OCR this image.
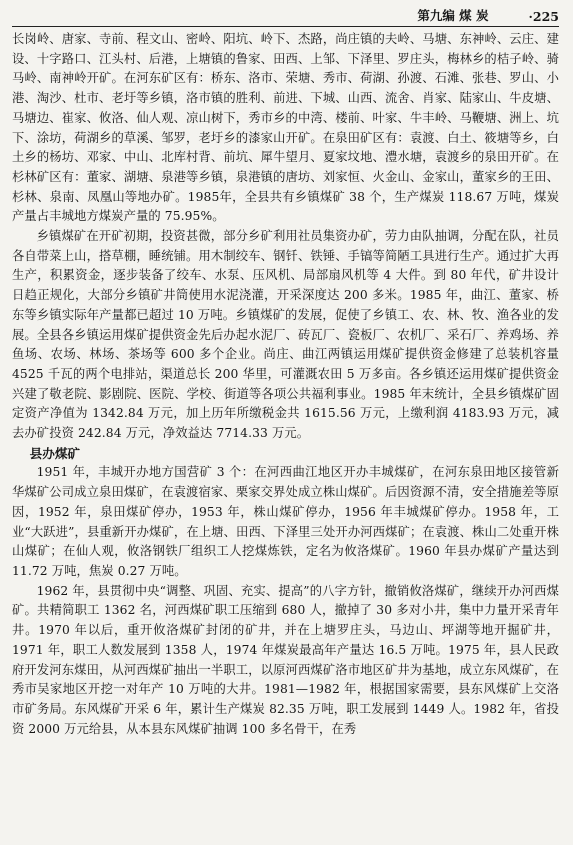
第九编 煤 炭	·225

长岗岭、唐家、寺前、程文山、密岭、阳坑、岭下、杰路，尚庄镇的夫岭、马塘、东神岭、云庄、建设、十字路口、江头村、后港，上塘镇的鲁家、田西、上邹、下泽里、罗庄头，梅林乡的桔子岭、骑马岭、南神岭开矿。在河东矿区有：桥东、洛市、荣塘、秀市、荷湖、孙渡、石滩、张巷、罗山、小港、淘沙、杜市、老圩等乡镇，洛市镇的胜利、前进、下城、山西、流舍、肖家、陆家山、牛皮塘、马塘边、崔家、攸洛、仙人观、凉山树下，秀市乡的中湾、楼前、叶家、牛丰岭、马鞭塘、洲上、坑下、涂坊，荷湖乡的草溪、邹罗，老圩乡的漆家山开矿。在泉田矿区有：袁渡、白土、筱塘等乡，白土乡的杨坊、邓家、中山、北库村背、前坑、犀牛望月、夏家坟地、澧水塘，袁渡乡的泉田开矿。在杉林矿区有：董家、湖塘、泉港等乡镇，泉港镇的唐坊、刘家恒、火金山、金家山，董家乡的王田、杉林、泉南、凤凰山等地办矿。1985年，全县共有乡镇煤矿 38 个，生产煤炭 118.67 万吨，煤炭产量占丰城地方煤炭产量的 75.95%。

乡镇煤矿在开矿初期，投资甚微，部分乡矿利用社员集资办矿，劳力由队抽调，分配在队，社员各自带菜上山，搭草棚，睡统铺。用木制绞车、钢钎、铁锤、手镐等简陋工具进行生产。通过扩大再生产，积累资金，逐步装备了绞车、水泵、压风机、局部扇风机等 4 大件。到 80 年代，矿井设计日趋正规化，大部分乡镇矿井筒使用水泥浇灌，开采深度达 200 多米。1985 年，曲江、董家、桥东等乡镇实际年产量都已超过 10 万吨。乡镇煤矿的发展，促使了乡镇工、农、林、牧、渔各业的发展。全县各乡镇运用煤矿提供资金先后办起水泥厂、砖瓦厂、瓷板厂、农机厂、采石厂、养鸡场、养鱼场、农场、林场、茶场等 600 多个企业。尚庄、曲江两镇运用煤矿提供资金修建了总装机容量 4525 千瓦的两个电排站，渠道总长 200 华里，可灌溉农田 5 万多亩。各乡镇还运用煤矿提供资金兴建了敬老院、影剧院、医院、学校、街道等各项公共福利事业。1985 年末统计，全县乡镇煤矿固定资产净值为 1342.84 万元，加上历年所缴税金共 1615.56 万元，上缴利润 4183.93 万元，减去办矿投资 242.84 万元，净效益达 7714.33 万元。

县办煤矿

1951 年，丰城开办地方国营矿 3 个：在河西曲江地区开办丰城煤矿，在河东泉田地区接管新华煤矿公司成立泉田煤矿，在袁渡宿家、栗家交界处成立株山煤矿。后因资源不清，安全措施差等原因，1952 年，泉田煤矿停办，1953 年，株山煤矿停办，1956 年丰城煤矿停办。1958 年，工业“大跃进”，县重新开办煤矿，在上塘、田西、下泽里三处开办河西煤矿；在袁渡、株山二处重开株山煤矿；在仙人观，攸洛钢铁厂组织工人挖煤炼铁，定名为攸洛煤矿。1960 年县办煤矿产量达到 11.72 万吨，焦炭 0.27 万吨。

1962 年，县贯彻中央“调整、巩固、充实、提高”的八字方针，撤销攸洛煤矿，继续开办河西煤矿。共精简职工 1362 名，河西煤矿职工压缩到 680 人，撤掉了 30 多对小井，集中力量开采青年井。1970 年以后，重开攸洛煤矿封闭的矿井，并在上塘罗庄头，马边山、坪湖等地开掘矿井，1971 年，职工人数发展到 1358 人，1974 年煤炭最高年产量达 16.5 万吨。1975 年，县人民政府开发河东煤田，从河西煤矿抽出一半职工，以原河西煤矿洛市地区矿井为基地，成立东风煤矿，在秀市吴家地区开挖一对年产 10 万吨的大井。1981—1982 年，根据国家需要，县东风煤矿上交洛市矿务局。东风煤矿开采 6 年，累计生产煤炭 82.35 万吨，职工发展到 1449 人。1982 年，省投资 2000 万元给县，从本县东风煤矿抽调 100 多名骨干，在秀
